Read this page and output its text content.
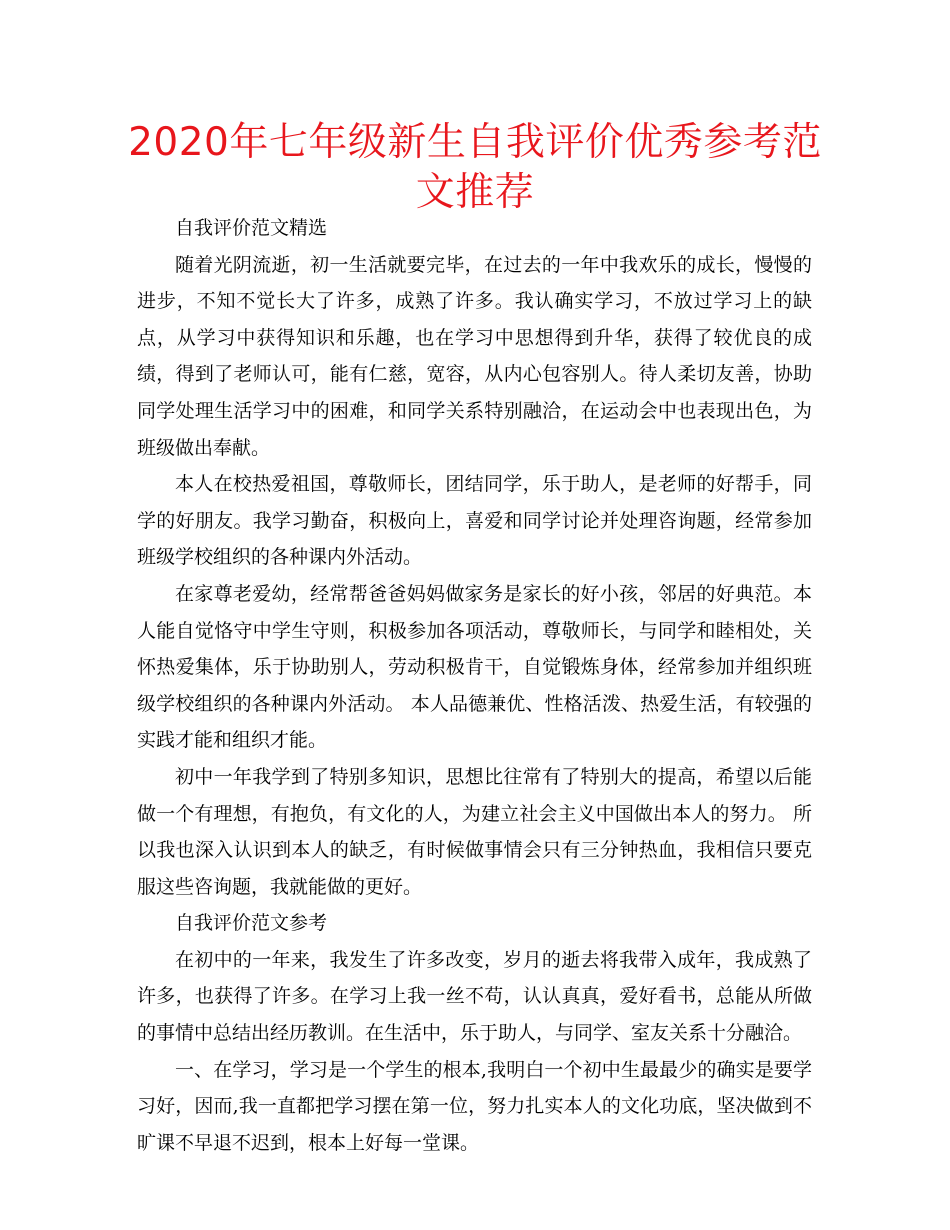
2020年七年级新生自我评价优秀参考范文推荐

自我评价范文精选

随着光阴流逝，初一生活就要完毕，在过去的一年中我欢乐的成长，慢慢的进步，不知不觉长大了许多，成熟了许多。我认确实学习，不放过学习上的缺点，从学习中获得知识和乐趣，也在学习中思想得到升华，获得了较优良的成绩，得到了老师认可，能有仁慈，宽容，从内心包容别人。待人柔切友善，协助同学处理生活学习中的困难，和同学关系特别融洽，在运动会中也表现出色，为班级做出奉献。

本人在校热爱祖国，尊敬师长，团结同学，乐于助人，是老师的好帮手，同学的好朋友。我学习勤奋，积极向上，喜爱和同学讨论并处理咨询题，经常参加班级学校组织的各种课内外活动。

在家尊老爱幼，经常帮爸爸妈妈做家务是家长的好小孩，邻居的好典范。本人能自觉恪守中学生守则，积极参加各项活动，尊敬师长，与同学和睦相处，关怀热爱集体，乐于协助别人，劳动积极肯干，自觉锻炼身体，经常参加并组织班级学校组织的各种课内外活动。 本人品德兼优、性格活泼、热爱生活，有较强的实践才能和组织才能。

初中一年我学到了特别多知识，思想比往常有了特别大的提高，希望以后能做一个有理想，有抱负，有文化的人，为建立社会主义中国做出本人的努力。 所以我也深入认识到本人的缺乏，有时候做事情会只有三分钟热血，我相信只要克服这些咨询题，我就能做的更好。

自我评价范文参考

在初中的一年来，我发生了许多改变，岁月的逝去将我带入成年，我成熟了许多，也获得了许多。在学习上我一丝不苟，认认真真，爱好看书，总能从所做的事情中总结出经历教训。在生活中，乐于助人，与同学、室友关系十分融洽。

一、在学习，学习是一个学生的根本,我明白一个初中生最最少的确实是要学习好，因而,我一直都把学习摆在第一位，努力扎实本人的文化功底，坚决做到不旷课不早退不迟到，根本上好每一堂课。
